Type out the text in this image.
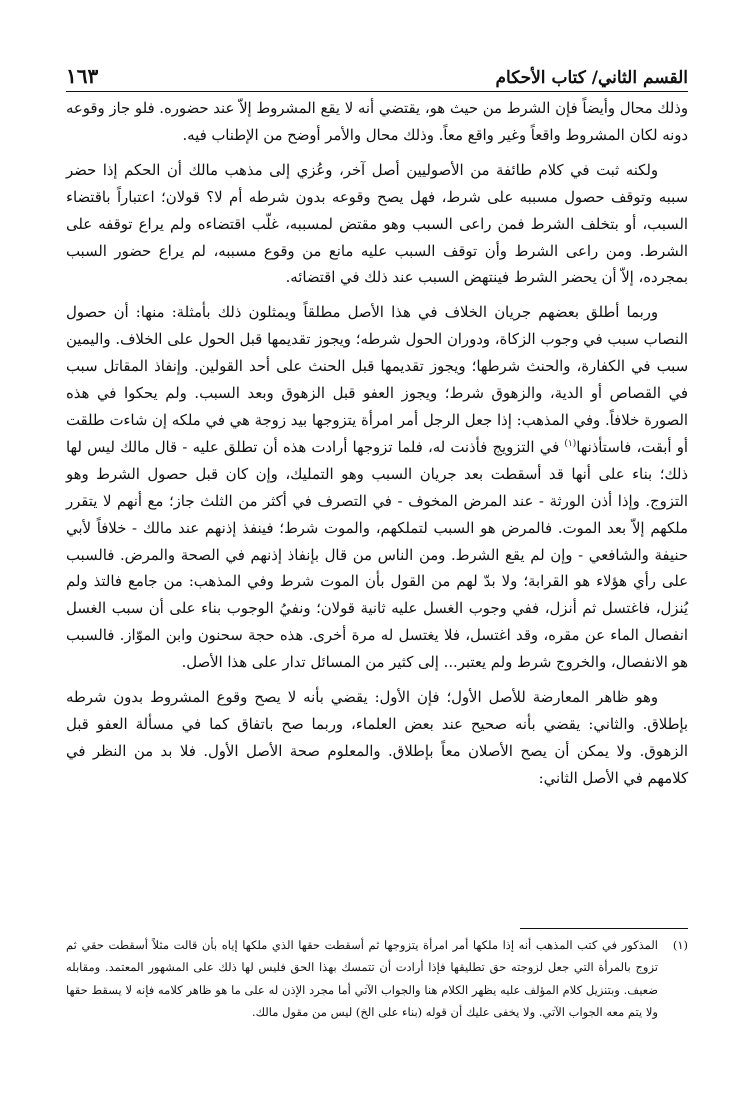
القسم الثاني/ كتاب الأحكام
١٦٣

وذلك محال وأيضاً فإن الشرط من حيث هو، يقتضي أنه لا يقع المشروط إلاّ عند حضوره. فلو جاز وقوعه دونه لكان المشروط واقعاً وغير واقع معاً. وذلك محال والأمر أوضح من الإطناب فيه.

ولكنه ثبت في كلام طائفة من الأصوليين أصل آخر، وعُزي إلى مذهب مالك أن الحكم إذا حضر سببه وتوقف حصول مسببه على شرط، فهل يصح وقوعه بدون شرطه أم لا؟ قولان؛ اعتباراً باقتضاء السبب، أو بتخلف الشرط فمن راعى السبب وهو مقتض لمسببه، غلّب اقتضاءه ولم يراع توقفه على الشرط. ومن راعى الشرط وأن توقف السبب عليه مانع من وقوع مسببه، لم يراع حضور السبب بمجرده، إلاّ أن يحضر الشرط فينتهض السبب عند ذلك في اقتضائه.

وربما أطلق بعضهم جريان الخلاف في هذا الأصل مطلقاً ويمثلون ذلك بأمثلة: منها: أن حصول النصاب سبب في وجوب الزكاة، ودوران الحول شرطه؛ ويجوز تقديمها قبل الحول على الخلاف. واليمين سبب في الكفارة، والحنث شرطها؛ ويجوز تقديمها قبل الحنث على أحد القولين. وإنفاذ المقاتل سبب في القصاص أو الدية، والزهوق شرط؛ ويجوز العفو قبل الزهوق وبعد السبب. ولم يحكوا في هذه الصورة خلافاً. وفي المذهب: إذا جعل الرجل أمر امرأة يتزوجها بيد زوجة هي في ملكه إن شاءت طلقت أو أبقت، فاستأذنها$^{(١)}$ في التزويج فأذنت له، فلما تزوجها أرادت هذه أن تطلق عليه - قال مالك ليس لها ذلك؛ بناء على أنها قد أسقطت بعد جريان السبب وهو التمليك، وإن كان قبل حصول الشرط وهو التزوج. وإذا أذن الورثة - عند المرض المخوف - في التصرف في أكثر من الثلث جاز؛ مع أنهم لا يتقرر ملكهم إلاّ بعد الموت. فالمرض هو السبب لتملكهم، والموت شرط؛ فينفذ إذنهم عند مالك - خلافاً لأبي حنيفة والشافعي - وإن لم يقع الشرط. ومن الناس من قال بإنفاذ إذنهم في الصحة والمرض. فالسبب على رأي هؤلاء هو القرابة؛ ولا بدّ لهم من القول بأن الموت شرط وفي المذهب: من جامع فالتذ ولم يُنزل، فاغتسل ثم أنزل، ففي وجوب الغسل عليه ثانية قولان؛ ونفيُ الوجوب بناء على أن سبب الغسل انفصال الماء عن مقره، وقد اغتسل، فلا يغتسل له مرة أخرى. هذه حجة سحنون وابن الموّاز. فالسبب هو الانفصال، والخروج شرط ولم يعتبر... إلى كثير من المسائل تدار على هذا الأصل.

وهو ظاهر المعارضة للأصل الأول؛ فإن الأول: يقضي بأنه لا يصح وقوع المشروط بدون شرطه بإطلاق. والثاني: يقضي بأنه صحيح عند بعض العلماء، وربما صح باتفاق كما في مسألة العفو قبل الزهوق. ولا يمكن أن يصح الأصلان معاً بإطلاق. والمعلوم صحة الأصل الأول. فلا بد من النظر في كلامهم في الأصل الثاني:

(١)
المذكور في كتب المذهب أنه إذا ملكها أمر امرأة يتزوجها ثم أسقطت حقها الذي ملكها إياه بأن قالت مثلاً أسقطت حقي ثم تزوج بالمرأة التي جعل لزوجته حق تطليقها فإذا أرادت أن تتمسك بهذا الحق فليس لها ذلك على المشهور المعتمد. ومقابله ضعيف. وبتنزيل كلام المؤلف عليه يظهر الكلام هنا والجواب الآتي أما مجرد الإذن له على ما هو ظاهر كلامه فإنه لا يسقط حقها ولا يتم معه الجواب الآتي. ولا يخفى عليك أن قوله (بناء على الخ) ليس من مقول مالك.
